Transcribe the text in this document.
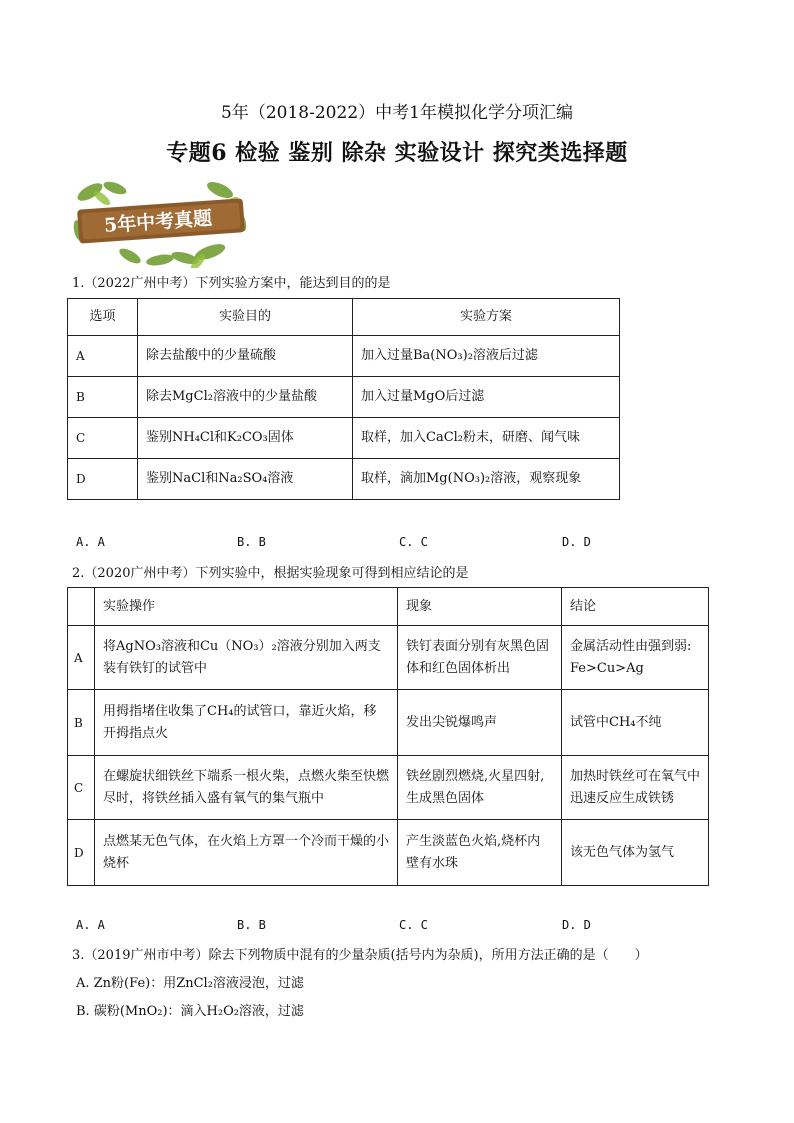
5年（2018-2022）中考1年模拟化学分项汇编
专题6 检验 鉴别 除杂 实验设计 探究类选择题
5年中考真题
1.（2022广州中考）下列实验方案中，能达到目的的是
选项	实验目的	实验方案
A	除去盐酸中的少量硫酸	加入过量Ba(NO₃)₂溶液后过滤
B	除去MgCl₂溶液中的少量盐酸	加入过量MgO后过滤
C	鉴别NH₄Cl和K₂CO₃固体	取样，加入CaCl₂粉末，研磨、闻气味
D	鉴别NaCl和Na₂SO₄溶液	取样，滴加Mg(NO₃)₂溶液，观察现象
A. A	B. B	C. C	D. D
2.（2020广州中考）下列实验中，根据实验现象可得到相应结论的是
	实验操作	现象	结论
A	将AgNO₃溶液和Cu（NO₃）₂溶液分别加入两支装有铁钉的试管中	铁钉表面分别有灰黑色固体和红色固体析出	金属活动性由强到弱: Fe>Cu>Ag
B	用拇指堵住收集了CH₄的试管口，靠近火焰，移开拇指点火	发出尖锐爆鸣声	试管中CH₄不纯
C	在螺旋状细铁丝下端系一根火柴，点燃火柴至快燃尽时，将铁丝插入盛有氧气的集气瓶中	铁丝剧烈燃烧,火星四射,生成黑色固体	加热时铁丝可在氧气中迅速反应生成铁锈
D	点燃某无色气体，在火焰上方罩一个冷而干燥的小烧杯	产生淡蓝色火焰,烧杯内壁有水珠	该无色气体为氢气
A. A	B. B	C. C	D. D
3.（2019广州市中考）除去下列物质中混有的少量杂质(括号内为杂质)，所用方法正确的是（　　）
A. Zn粉(Fe)：用ZnCl₂溶液浸泡，过滤
B. 碳粉(MnO₂)：滴入H₂O₂溶液，过滤
